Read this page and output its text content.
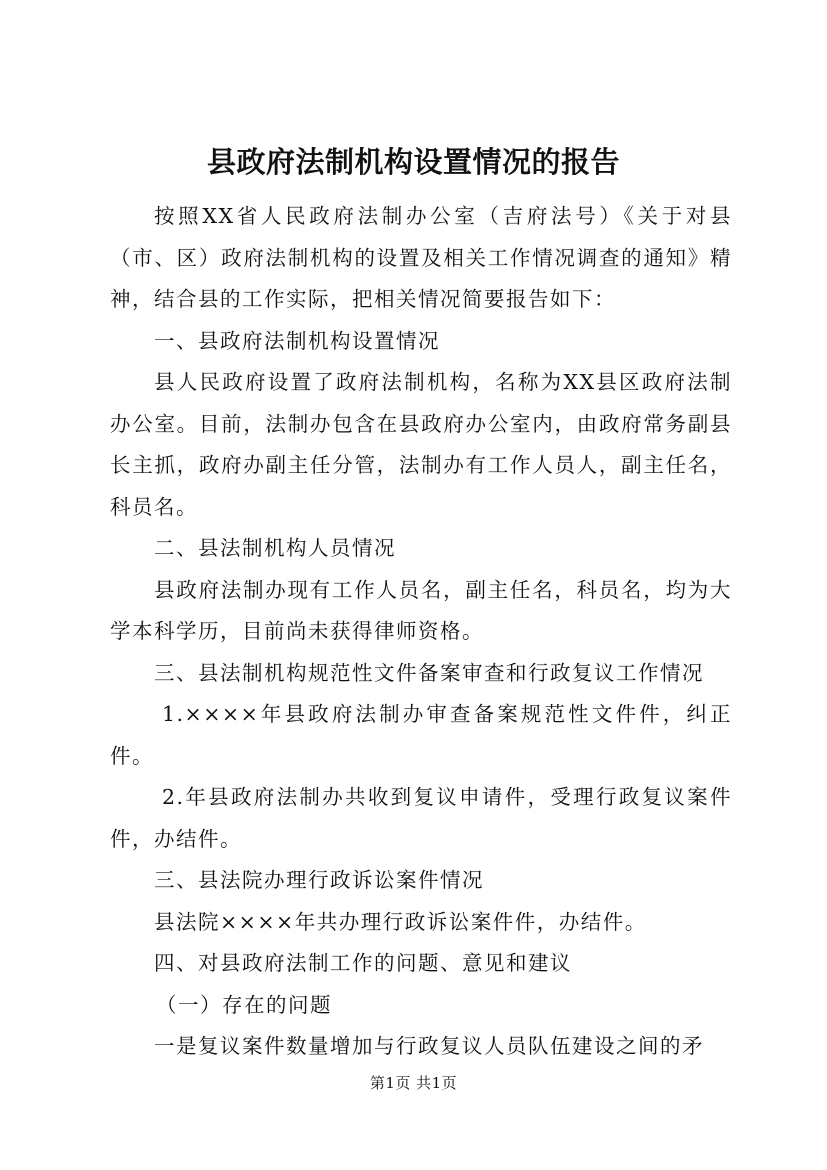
县政府法制机构设置情况的报告

按照XX省人民政府法制办公室（吉府法号）《关于对县（市、区）政府法制机构的设置及相关工作情况调查的通知》精神，结合县的工作实际，把相关情况简要报告如下：

一、县政府法制机构设置情况

县人民政府设置了政府法制机构，名称为XX县区政府法制办公室。目前，法制办包含在县政府办公室内，由政府常务副县长主抓，政府办副主任分管，法制办有工作人员人，副主任名，科员名。

二、县法制机构人员情况

县政府法制办现有工作人员名，副主任名，科员名，均为大学本科学历，目前尚未获得律师资格。

三、县法制机构规范性文件备案审查和行政复议工作情况

1.××××年县政府法制办审查备案规范性文件件，纠正件。

2.年县政府法制办共收到复议申请件，受理行政复议案件件，办结件。

三、县法院办理行政诉讼案件情况

县法院××××年共办理行政诉讼案件件，办结件。

四、对县政府法制工作的问题、意见和建议

（一）存在的问题

一是复议案件数量增加与行政复议人员队伍建设之间的矛

第1页 共1页
